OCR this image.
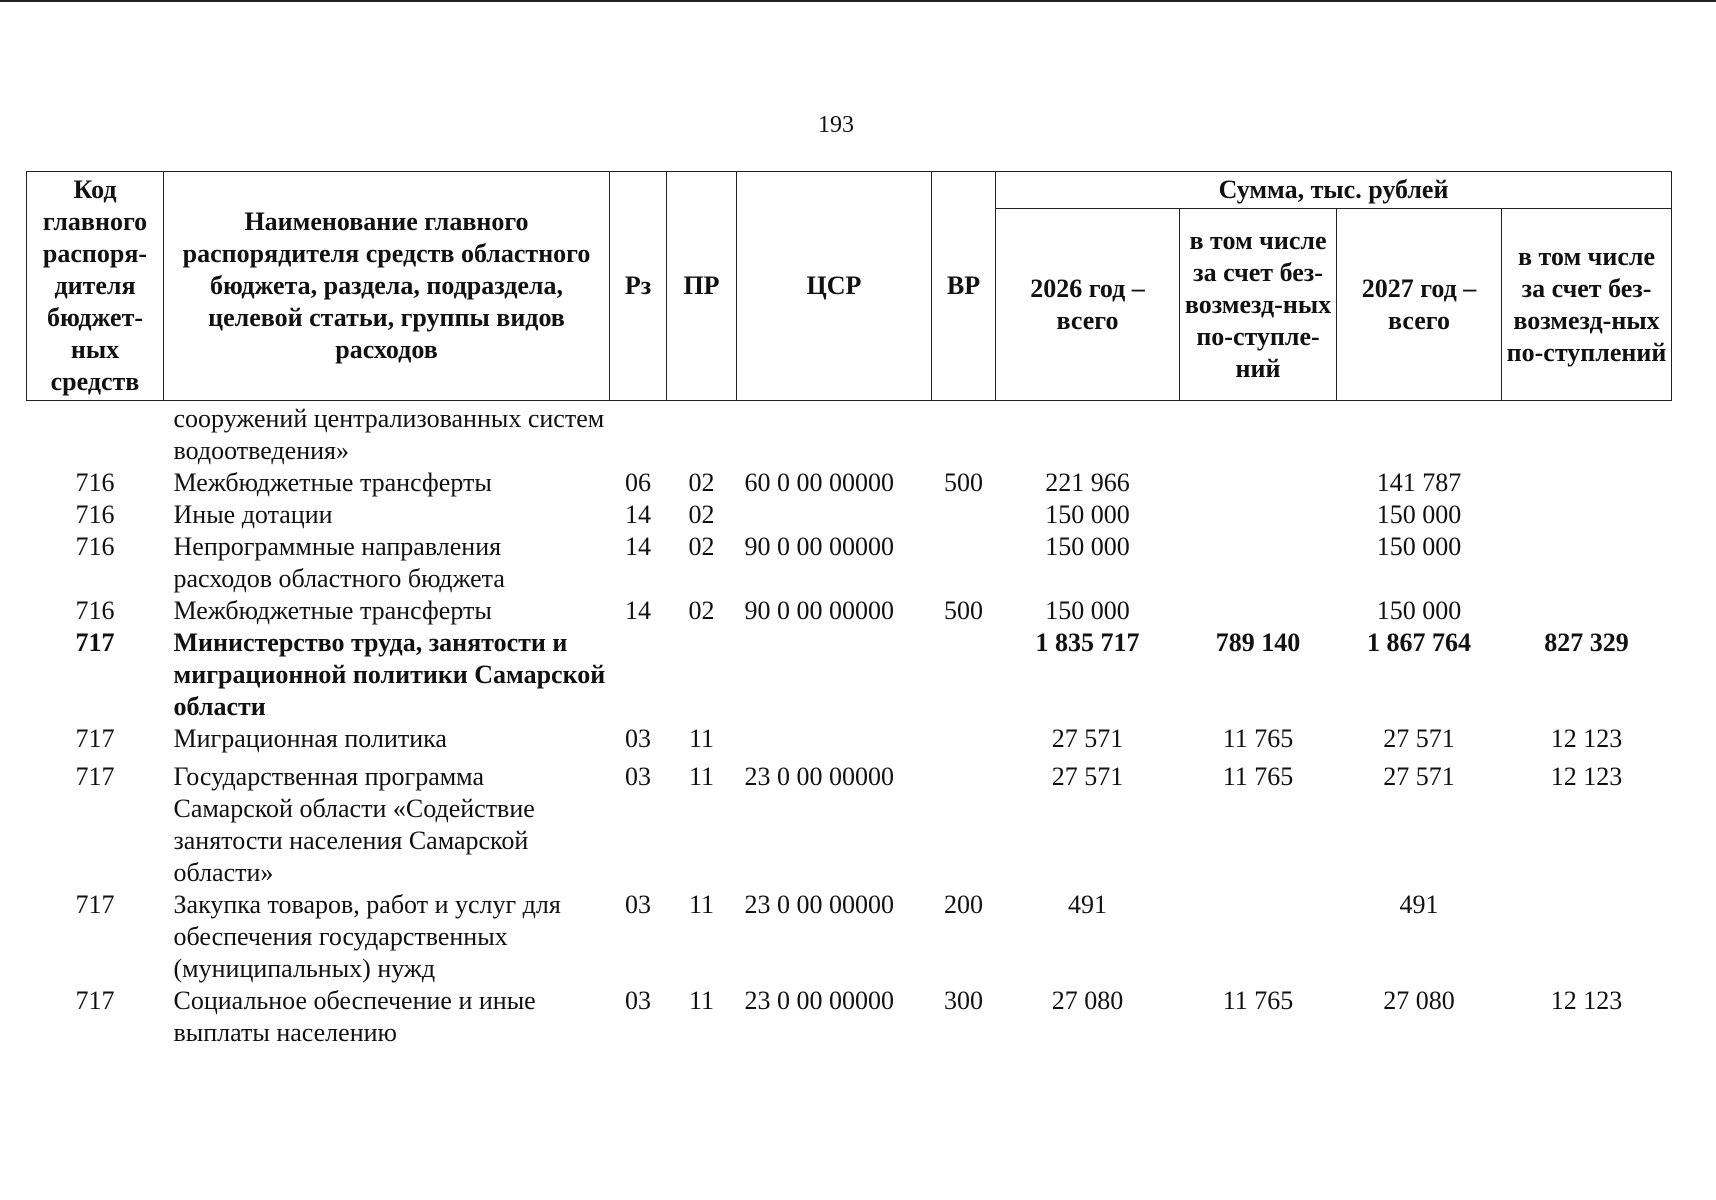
193
Код главного распоря-дителя бюджет-ных средств	Наименование главного распорядителя средств областного бюджета, раздела, подраздела, целевой статьи, группы видов расходов	Рз	ПР	ЦСР	ВР	Сумма, тыс. рублей			
						2026 год – всего	в том числе за счет без-возмезд-ных по-ступле-ний	2027 год – всего	в том числе за счет без-возмезд-ных по-ступлений
	сооружений централизованных систем водоотведения»								
716	Межбюджетные трансферты	06	02	60 0 00 00000	500	221 966		141 787	
716	Иные дотации	14	02			150 000		150 000	
716	Непрограммные направления расходов областного бюджета	14	02	90 0 00 00000		150 000		150 000	
716	Межбюджетные трансферты	14	02	90 0 00 00000	500	150 000		150 000	
717	Министерство труда, занятости и миграционной политики Самарской области					1 835 717	789 140	1 867 764	827 329
717	Миграционная политика	03	11			27 571	11 765	27 571	12 123
717	Государственная программа Самарской области «Содействие занятости населения Самарской области»	03	11	23 0 00 00000		27 571	11 765	27 571	12 123
717	Закупка товаров, работ и услуг для обеспечения государственных (муниципальных) нужд	03	11	23 0 00 00000	200	491		491	
717	Социальное обеспечение и иные выплаты населению	03	11	23 0 00 00000	300	27 080	11 765	27 080	12 123
